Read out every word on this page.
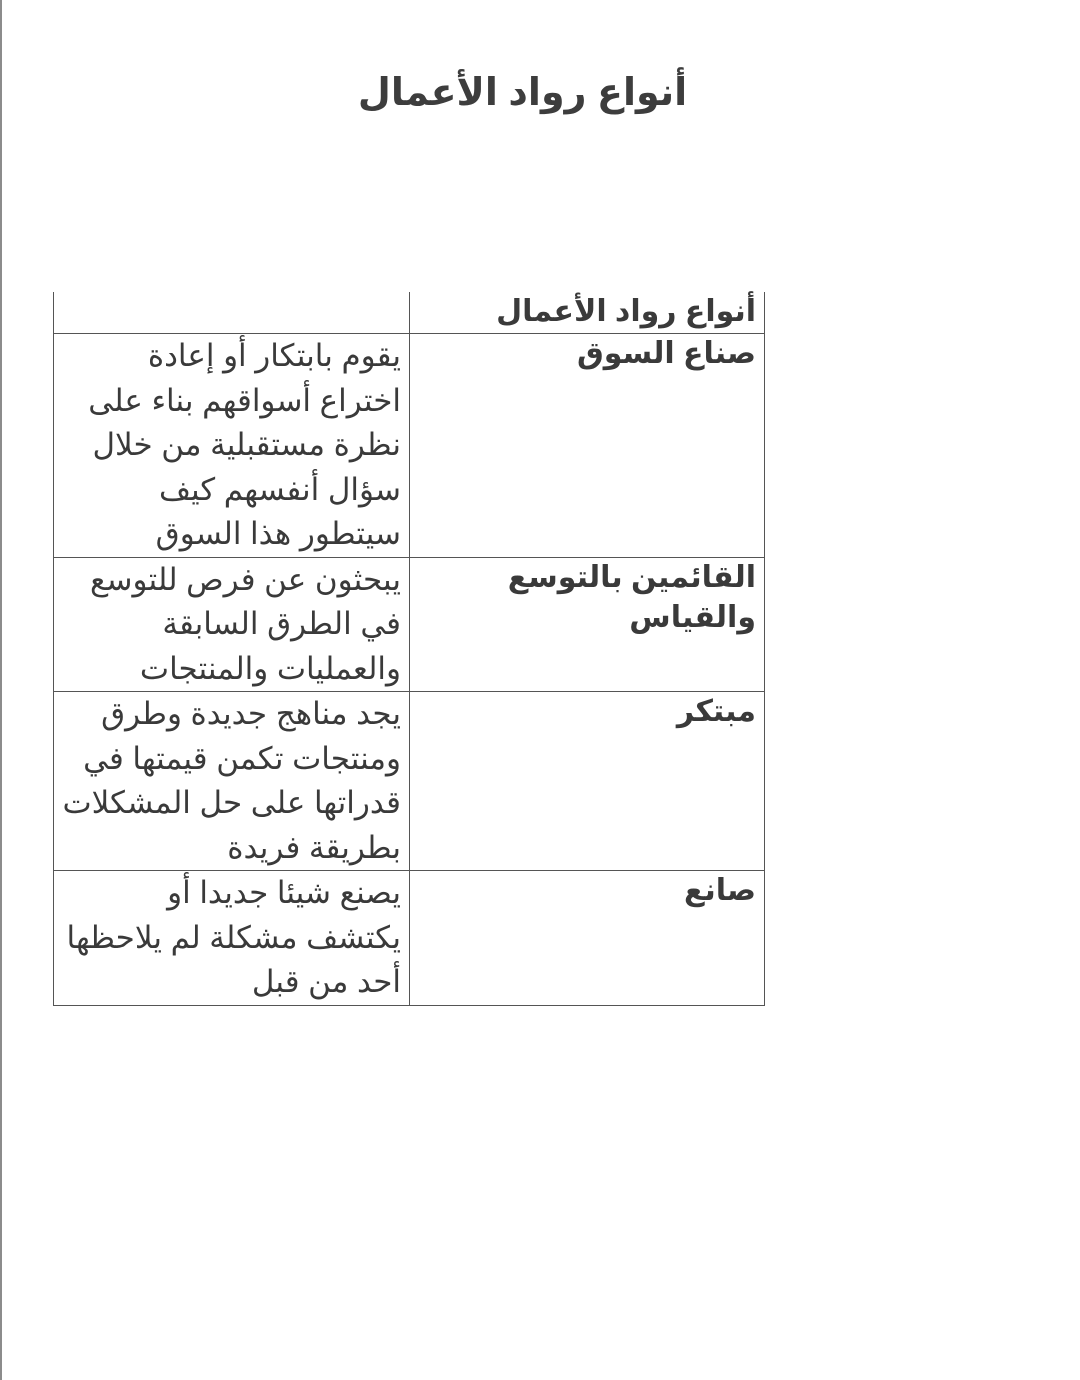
أنواع رواد الأعمال
أنواع رواد الأعمال	
صناع السوق	يقوم بابتكار أو إعادة
اختراع أسواقهم بناء على
نظرة مستقبلية من خلال
سؤال أنفسهم كيف
سيتطور هذا السوق

القائمين بالتوسع والقياس	يبحثون عن فرص للتوسع
في الطرق السابقة
والعمليات والمنتجات

مبتكر	يجد مناهج جديدة وطرق
ومنتجات تكمن قيمتها في
قدراتها على حل المشكلات
بطريقة فريدة

صانع	يصنع شيئا جديدا أو
يكتشف مشكلة لم يلاحظها
أحد من قبل
